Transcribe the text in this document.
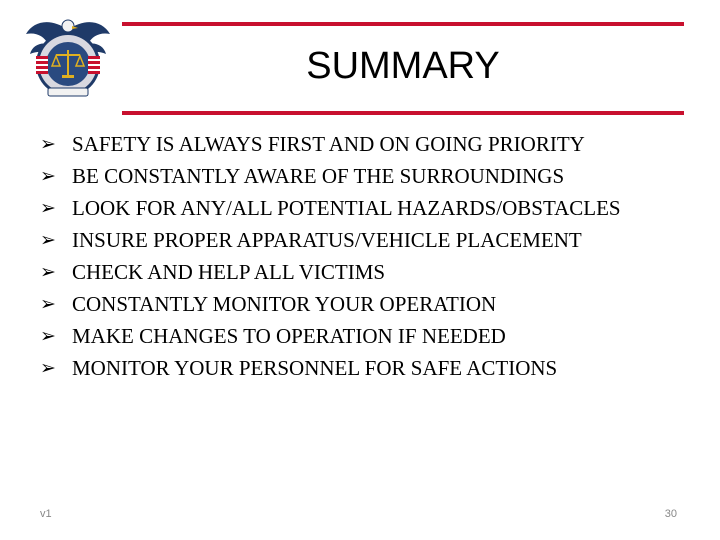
SUMMARY
➢ SAFETY IS ALWAYS FIRST AND ON GOING PRIORITY
➢ BE CONSTANTLY AWARE OF THE SURROUNDINGS
➢ LOOK FOR ANY/ALL POTENTIAL HAZARDS/OBSTACLES
➢ INSURE PROPER APPARATUS/VEHICLE PLACEMENT
➢ CHECK AND HELP ALL VICTIMS
➢ CONSTANTLY MONITOR YOUR OPERATION
➢ MAKE CHANGES TO OPERATION IF NEEDED
➢ MONITOR YOUR PERSONNEL FOR SAFE ACTIONS
v1	30
